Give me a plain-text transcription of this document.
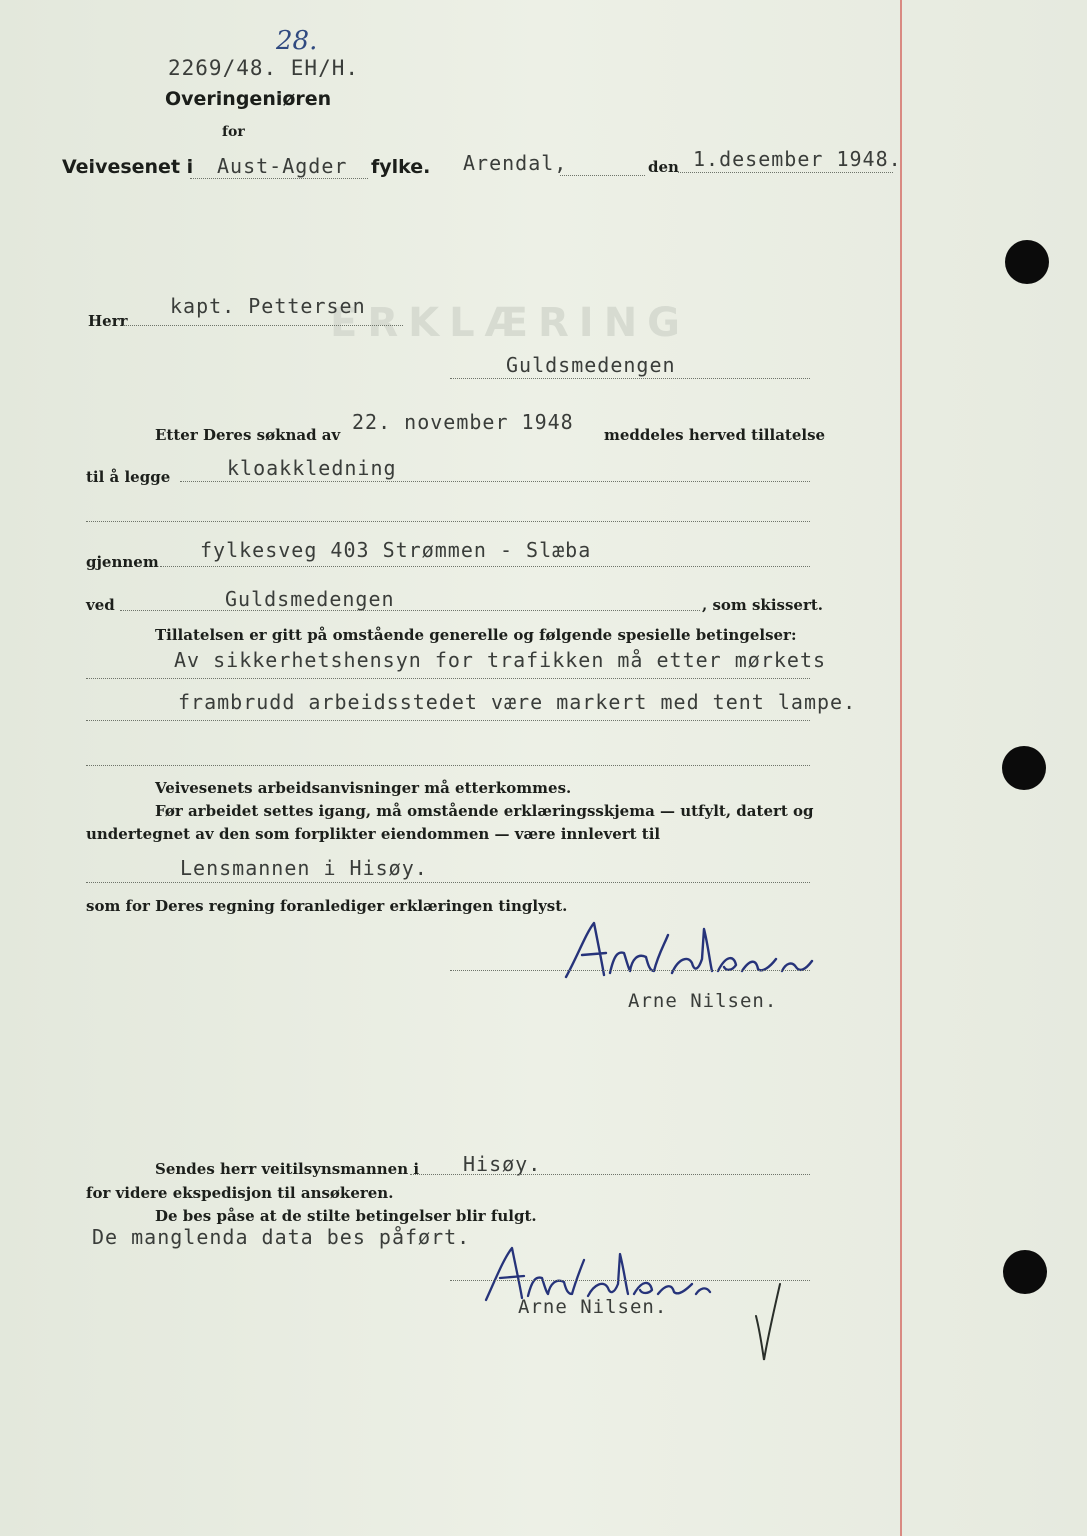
ERKLÆRING
2269/48. EH/H.
28.
Overingeniøren
for
Veivesenet i Aust-Agder fylke. Arendal,	den 1.desember 1948.
Herr
kapt. Pettersen
Guldsmedengen
Etter Deres søknad av
22. november 1948
meddeles herved tillatelse
til å legge	kloakkledning
gjennem fylkesveg 403 Strømmen - Slæba
ved	Guldsmedengen	, som skissert.
Tillatelsen er gitt på omstående generelle og følgende spesielle betingelser:
Av sikkerhetshensyn for trafikken må etter mørkets
frambrudd arbeidsstedet være markert med tent lampe.
Veivesenets arbeidsanvisninger må etterkommes.
Før arbeidet settes igang, må omstående erklæringsskjema — utfylt, datert og
undertegnet av den som forplikter eiendommen — være innlevert til
Lensmannen i Hisøy.
som for Deres regning foranlediger erklæringen tinglyst.
Arne Nilsen.
Sendes herr veitilsynsmannen i Hisøy.
for videre ekspedisjon til ansøkeren.
De bes påse at de stilte betingelser blir fulgt.
De manglenda data bes påført.
Arne Nilsen.
